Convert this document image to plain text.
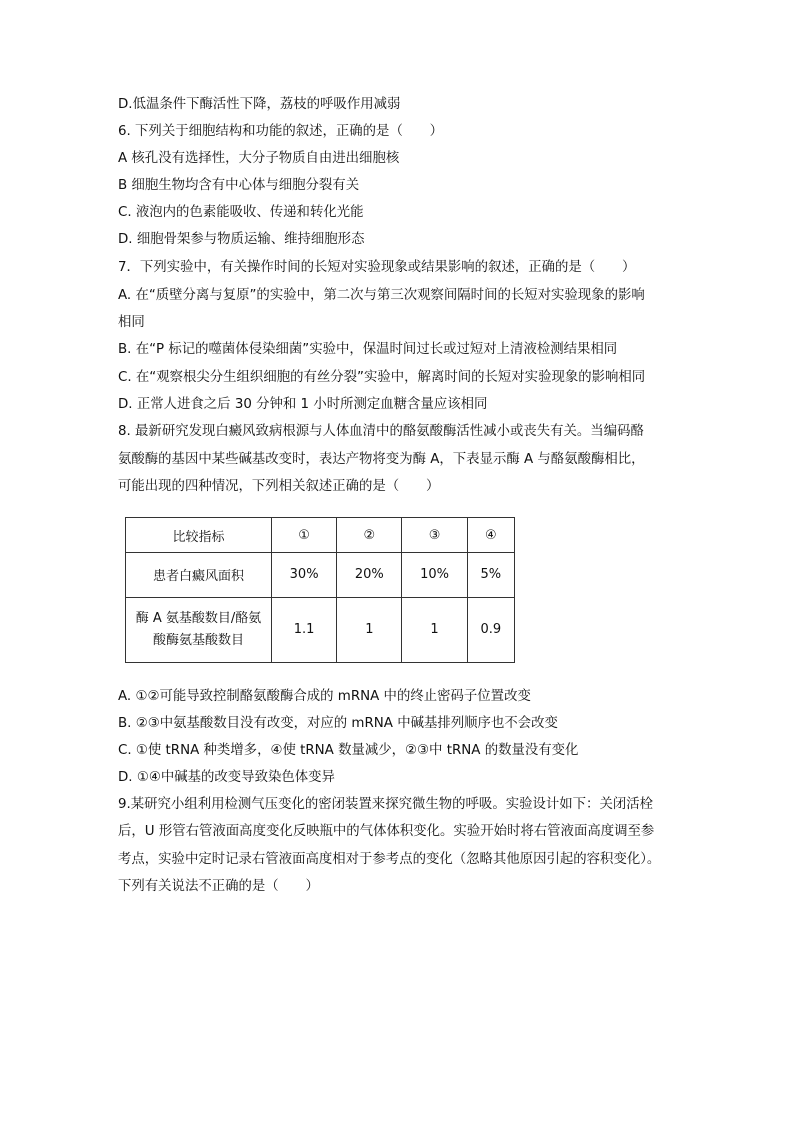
D.低温条件下酶活性下降，荔枝的呼吸作用减弱
6. 下列关于细胞结构和功能的叙述，正确的是（　　）
A 核孔没有选择性，大分子物质自由进出细胞核
B 细胞生物均含有中心体与细胞分裂有关
C. 液泡内的色素能吸收、传递和转化光能
D. 细胞骨架参与物质运输、维持细胞形态
7．下列实验中，有关操作时间的长短对实验现象或结果影响的叙述，正确的是（　　）
A. 在“质壁分离与复原”的实验中，第二次与第三次观察间隔时间的长短对实验现象的影响
相同
B. 在“P 标记的噬菌体侵染细菌”实验中，保温时间过长或过短对上清液检测结果相同
C. 在“观察根尖分生组织细胞的有丝分裂”实验中，解离时间的长短对实验现象的影响相同
D. 正常人进食之后 30 分钟和 1 小时所测定血糖含量应该相同
8. 最新研究发现白癜风致病根源与人体血清中的酪氨酸酶活性减小或丧失有关。当编码酪
氨酸酶的基因中某些碱基改变时，表达产物将变为酶 A，下表显示酶 A 与酪氨酸酶相比，
可能出现的四种情况，下列相关叙述正确的是（　　）
比较指标	①	②	③	④
患者白癜风面积	30%	20%	10%	5%

酶 A 氨基酸数目/酪氨
酸酶氨基酸数目	1.1	1	1	0.9
A. ①②可能导致控制酪氨酸酶合成的 mRNA 中的终止密码子位置改变
B. ②③中氨基酸数目没有改变，对应的 mRNA 中碱基排列顺序也不会改变
C. ①使 tRNA 种类增多，④使 tRNA 数量减少，②③中 tRNA 的数量没有变化
D. ①④中碱基的改变导致染色体变异
9.某研究小组利用检测气压变化的密闭装置来探究微生物的呼吸。实验设计如下：关闭活栓
后，U 形管右管液面高度变化反映瓶中的气体体积变化。实验开始时将右管液面高度调至参
考点，实验中定时记录右管液面高度相对于参考点的变化（忽略其他原因引起的容积变化）。
下列有关说法不正确的是（　　）
